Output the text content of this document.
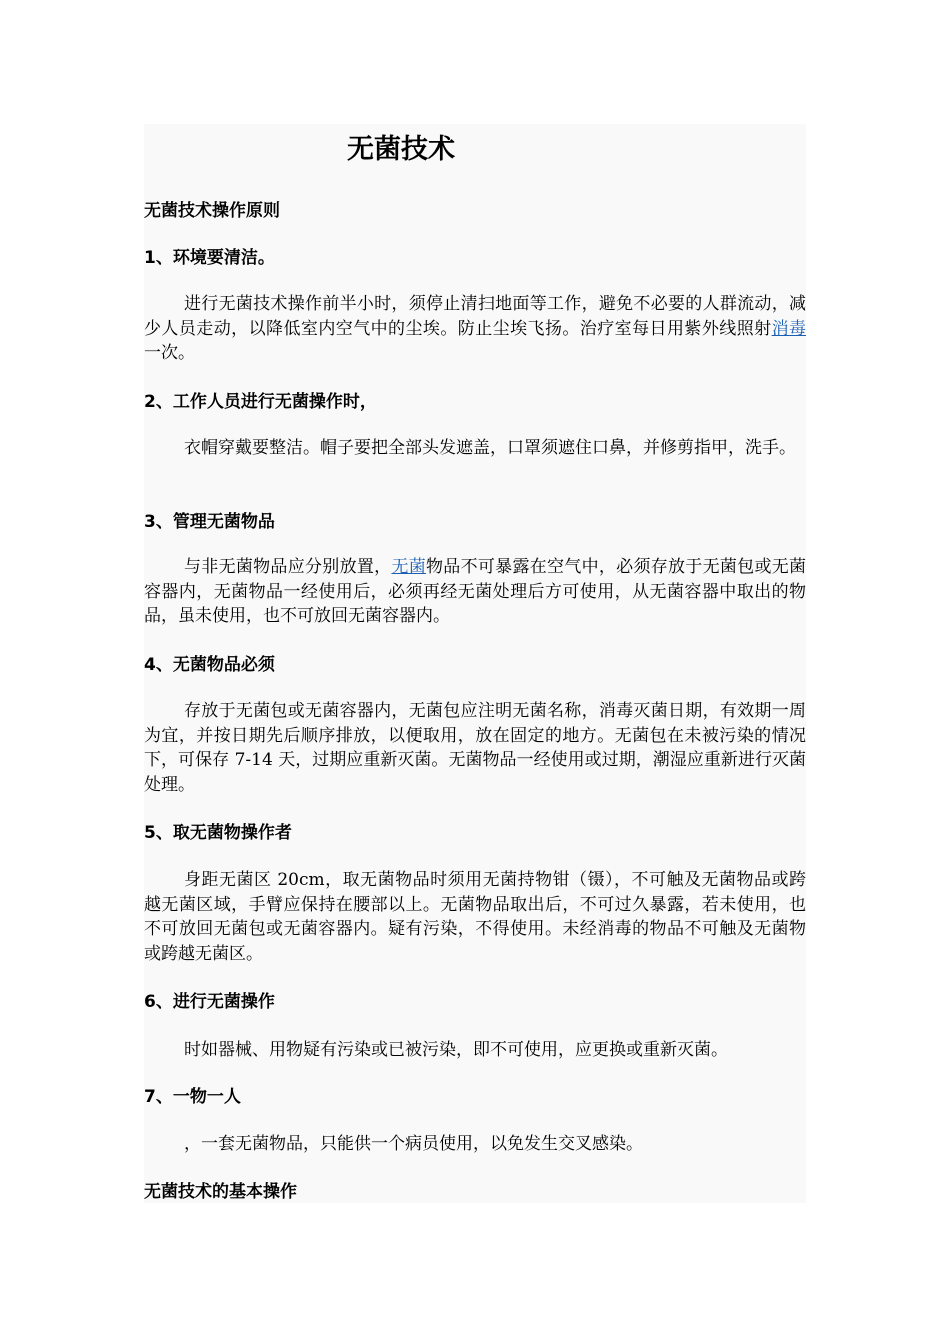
无菌技术
无菌技术操作原则
1、环境要清洁。

进行无菌技术操作前半小时，须停止清扫地面等工作，避免不必要的人群流动，减少人员走动，以降低室内空气中的尘埃。防止尘埃飞扬。治疗室每日用紫外线照射消毒一次。

2、工作人员进行无菌操作时，

衣帽穿戴要整洁。帽子要把全部头发遮盖，口罩须遮住口鼻，并修剪指甲，洗手。

3、管理无菌物品

与非无菌物品应分别放置，无菌物品不可暴露在空气中，必须存放于无菌包或无菌容器内，无菌物品一经使用后，必须再经无菌处理后方可使用，从无菌容器中取出的物品，虽未使用，也不可放回无菌容器内。

4、无菌物品必须

存放于无菌包或无菌容器内，无菌包应注明无菌名称，消毒灭菌日期，有效期一周为宜，并按日期先后顺序排放，以便取用，放在固定的地方。无菌包在未被污染的情况下，可保存 7-14 天，过期应重新灭菌。无菌物品一经使用或过期，潮湿应重新进行灭菌处理。

5、取无菌物操作者

身距无菌区 20cm，取无菌物品时须用无菌持物钳（镊），不可触及无菌物品或跨越无菌区域，手臂应保持在腰部以上。无菌物品取出后，不可过久暴露，若未使用，也不可放回无菌包或无菌容器内。疑有污染，不得使用。未经消毒的物品不可触及无菌物或跨越无菌区。

6、进行无菌操作

时如器械、用物疑有污染或已被污染，即不可使用，应更换或重新灭菌。

7、一物一人

，一套无菌物品，只能供一个病员使用，以免发生交叉感染。

无菌技术的基本操作
